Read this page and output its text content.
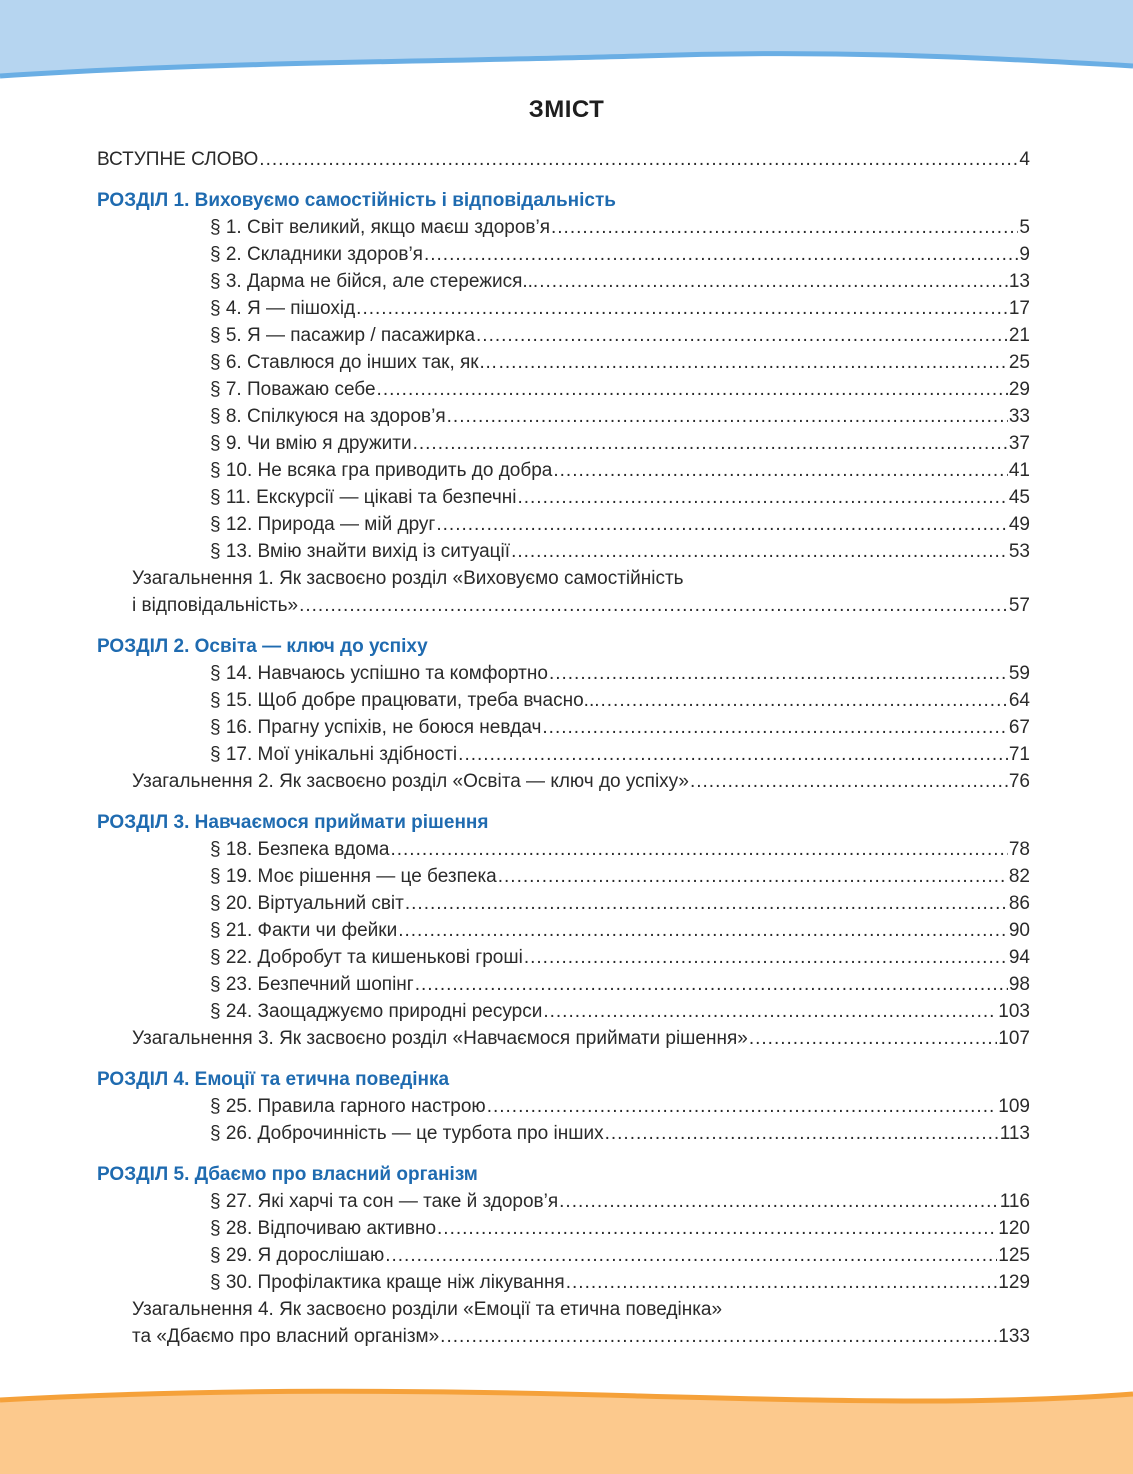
ЗМІСТ
ВСТУПНЕ СЛОВО .....	4
РОЗДІЛ 1. Виховуємо самостійність і відповідальність
§ 1. Світ великий, якщо маєш здоров’я .....	5
§ 2. Складники здоров’я .....	9
§ 3. Дарма не бійся, але стережися... .....	13
§ 4. Я — пішохід .....	17
§ 5. Я — пасажир / пасажирка .....	21
§ 6. Ставлюся до інших так, як… .....	25
§ 7. Поважаю себе .....	29
§ 8. Спілкуюся на здоров’я .....	33
§ 9. Чи вмію я дружити .....	37
§ 10. Не всяка гра приводить до добра .....	41
§ 11. Екскурсії — цікаві та безпечні .....	45
§ 12. Природа — мій друг .....	49
§ 13. Вмію знайти вихід із ситуації .....	53
Узагальнення 1. Як засвоєно розділ «Виховуємо самостійність
і відповідальність» .....	57
РОЗДІЛ 2. Освіта — ключ до успіху
§ 14. Навчаюсь успішно та комфортно .....	59
§ 15. Щоб добре працювати, треба вчасно... .....	64
§ 16. Прагну успіхів, не боюся невдач .....	67
§ 17. Мої унікальні здібності .....	71
Узагальнення 2. Як засвоєно розділ «Освіта — ключ до успіху» .....	76
РОЗДІЛ 3. Навчаємося приймати рішення
§ 18. Безпека вдома .....	78
§ 19. Моє рішення — це безпека .....	82
§ 20. Віртуальний світ .....	86
§ 21. Факти чи фейки .....	90
§ 22. Добробут та кишенькові гроші .....	94
§ 23. Безпечний шопінг .....	98
§ 24. Заощаджуємо природні ресурси .....	103
Узагальнення 3. Як засвоєно розділ «Навчаємося приймати рішення» .....	107
РОЗДІЛ 4. Емоції та етична поведінка
§ 25. Правила гарного настрою .....	109
§ 26. Доброчинність — це турбота про інших .....	113
РОЗДІЛ 5. Дбаємо про власний організм
§ 27. Які харчі та сон — таке й здоров’я .....	116
§ 28. Відпочиваю активно .....	120
§ 29. Я дорослішаю .....	125
§ 30. Профілактика краще ніж лікування .....	129
Узагальнення 4. Як засвоєно розділи «Емоції та етична поведінка»
та «Дбаємо про власний організм» .....	133
